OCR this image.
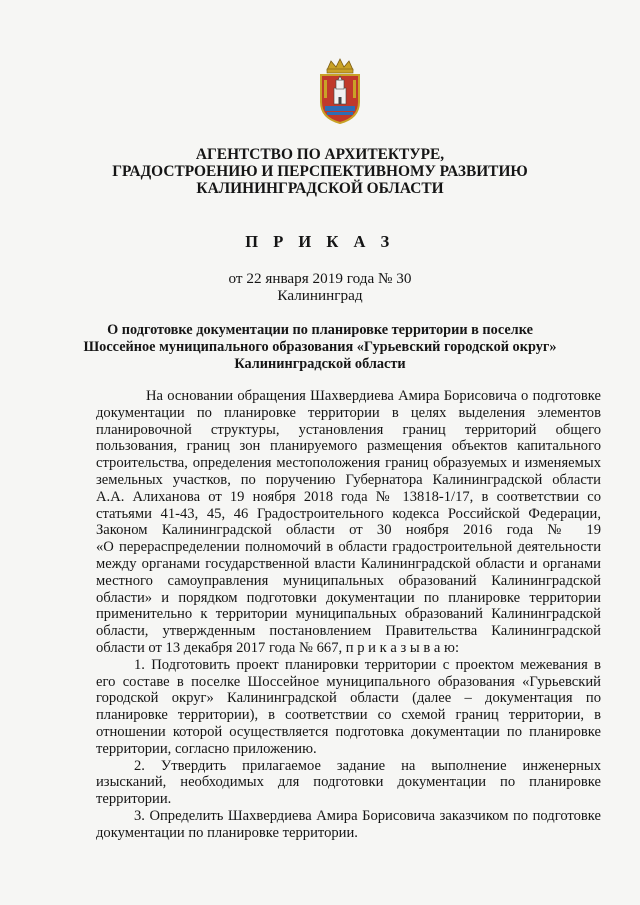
АГЕНТСТВО ПО АРХИТЕКТУРЕ,
ГРАДОСТРОЕНИЮ И ПЕРСПЕКТИВНОМУ РАЗВИТИЮ
КАЛИНИНГРАДСКОЙ ОБЛАСТИ
П Р И К А З
от 22 января 2019 года № 30
Калининград
О подготовке документации по планировке территории в поселке
Шоссейное муниципального образования «Гурьевский городской округ»
Калининградской области
На основании обращения Шахвердиева Амира Борисовича о подготовке
документации по планировке территории в целях выделения элементов
планировочной структуры, установления границ территорий общего
пользования, границ зон планируемого размещения объектов капитального
строительства, определения местоположения границ образуемых и изменяемых
земельных участков, по поручению Губернатора Калининградской области
А.А. Алиханова от 19 ноября 2018 года № 13818-1/17, в соответствии со
статьями 41-43, 45, 46 Градостроительного кодекса Российской Федерации,
Законом Калининградской области от 30 ноября 2016 года № 19
«О перераспределении полномочий в области градостроительной деятельности
между органами государственной власти Калининградской области и органами
местного самоуправления муниципальных образований Калининградской
области» и порядком подготовки документации по планировке территории
применительно к территории муниципальных образований Калининградской
области, утвержденным постановлением Правительства Калининградской
области от 13 декабря 2017 года № 667, п р и к а з ы в а ю:
1. Подготовить проект планировки территории с проектом межевания в
его составе в поселке Шоссейное муниципального образования «Гурьевский
городской округ» Калининградской области (далее – документация по
планировке территории), в соответствии со схемой границ территории, в
отношении которой осуществляется подготовка документации по планировке
территории, согласно приложению.
2. Утвердить прилагаемое задание на выполнение инженерных
изысканий, необходимых для подготовки документации по планировке
территории.
3. Определить Шахвердиева Амира Борисовича заказчиком по подготовке
документации по планировке территории.
